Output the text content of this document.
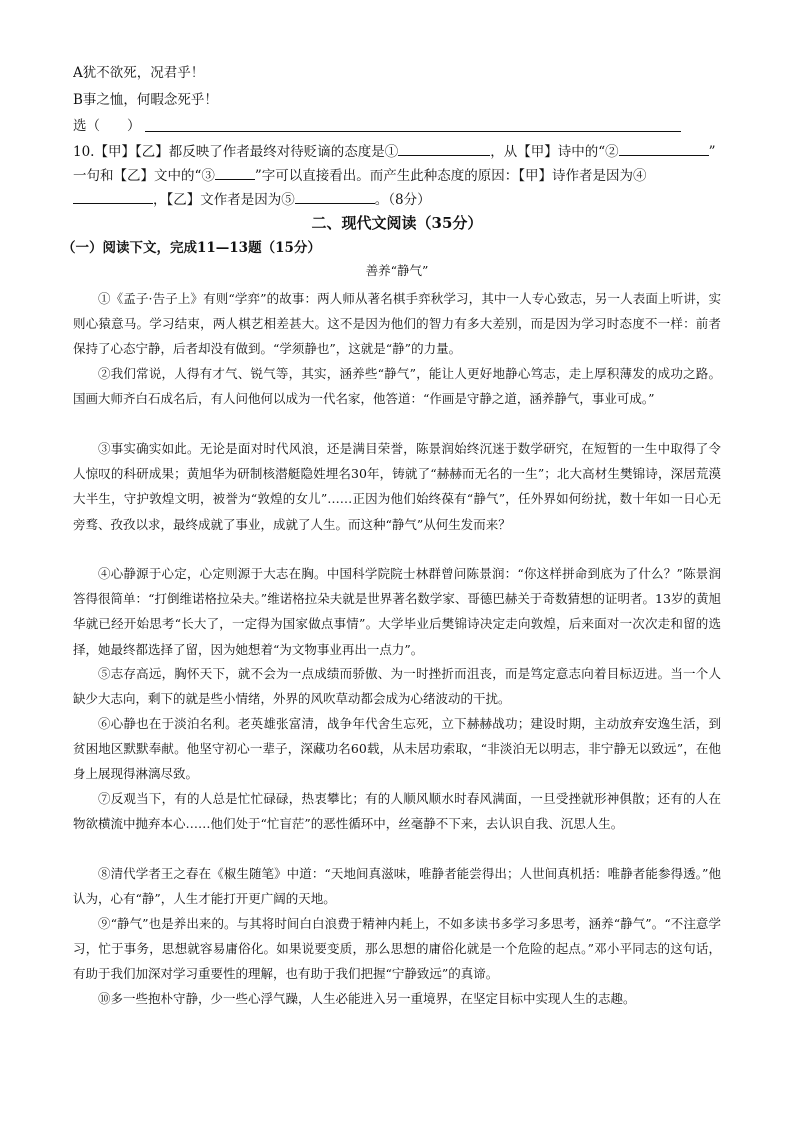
A犹不欲死，况君乎！
B事之恤，何暇念死乎！
选（　　）
10.【甲】【乙】都反映了作者最终对待贬谪的态度是①	，从【甲】诗中的“②	”
一句和【乙】文中的“③	”字可以直接看出。而产生此种态度的原因：【甲】诗作者是因为④
，【乙】文作者是因为⑤	。（8分）
二、现代文阅读（35分）
（一）阅读下文，完成11—13题（15分）
善养“静气”

①《孟子·告子上》有则“学弈”的故事：两人师从著名棋手弈秋学习，其中一人专心致志，另一人表面上听讲，实则心猿意马。学习结束，两人棋艺相差甚大。这不是因为他们的智力有多大差别，而是因为学习时态度不一样：前者保持了心态宁静，后者却没有做到。“学须静也”，这就是“静”的力量。

②我们常说，人得有才气、锐气等，其实，涵养些“静气”，能让人更好地静心笃志，走上厚积薄发的成功之路。国画大师齐白石成名后，有人问他何以成为一代名家，他答道：“作画是守静之道，涵养静气，事业可成。”

③事实确实如此。无论是面对时代风浪，还是满目荣誉，陈景润始终沉迷于数学研究，在短暂的一生中取得了令人惊叹的科研成果；黄旭华为研制核潜艇隐姓埋名30年，铸就了“赫赫而无名的一生”；北大高材生樊锦诗，深居荒漠大半生，守护敦煌文明，被誉为“敦煌的女儿”……正因为他们始终葆有“静气”，任外界如何纷扰，数十年如一日心无旁骛、孜孜以求，最终成就了事业，成就了人生。而这种“静气”从何生发而来？

④心静源于心定，心定则源于大志在胸。中国科学院院士林群曾问陈景润：“你这样拼命到底为了什么？”陈景润答得很简单：“打倒维诺格拉朵夫。”维诺格拉朵夫就是世界著名数学家、哥德巴赫关于奇数猜想的证明者。13岁的黄旭华就已经开始思考“长大了，一定得为国家做点事情”。大学毕业后樊锦诗决定走向敦煌，后来面对一次次走和留的选择，她最终都选择了留，因为她想着“为文物事业再出一点力”。

⑤志存高远，胸怀天下，就不会为一点成绩而骄傲、为一时挫折而沮丧，而是笃定意志向着目标迈进。当一个人缺少大志向，剩下的就是些小情绪，外界的风吹草动都会成为心绪波动的干扰。

⑥心静也在于淡泊名利。老英雄张富清，战争年代舍生忘死，立下赫赫战功；建设时期，主动放弃安逸生活，到贫困地区默默奉献。他坚守初心一辈子，深藏功名60载，从未居功索取，“非淡泊无以明志，非宁静无以致远”，在他身上展现得淋漓尽致。

⑦反观当下，有的人总是忙忙碌碌，热衷攀比；有的人顺风顺水时春风满面，一旦受挫就形神俱散；还有的人在物欲横流中抛弃本心……他们处于“忙盲茫”的恶性循环中，丝毫静不下来，去认识自我、沉思人生。

⑧清代学者王之春在《椒生随笔》中道：“天地间真滋味，唯静者能尝得出；人世间真机括：唯静者能参得透。”他认为，心有“静”，人生才能打开更广阔的天地。

⑨“静气”也是养出来的。与其将时间白白浪费于精神内耗上，不如多读书多学习多思考，涵养“静气”。“不注意学习，忙于事务，思想就容易庸俗化。如果说要变质，那么思想的庸俗化就是一个危险的起点。”邓小平同志的这句话，有助于我们加深对学习重要性的理解，也有助于我们把握“宁静致远”的真谛。

⑩多一些抱朴守静，少一些心浮气躁，人生必能进入另一重境界，在坚定目标中实现人生的志趣。
